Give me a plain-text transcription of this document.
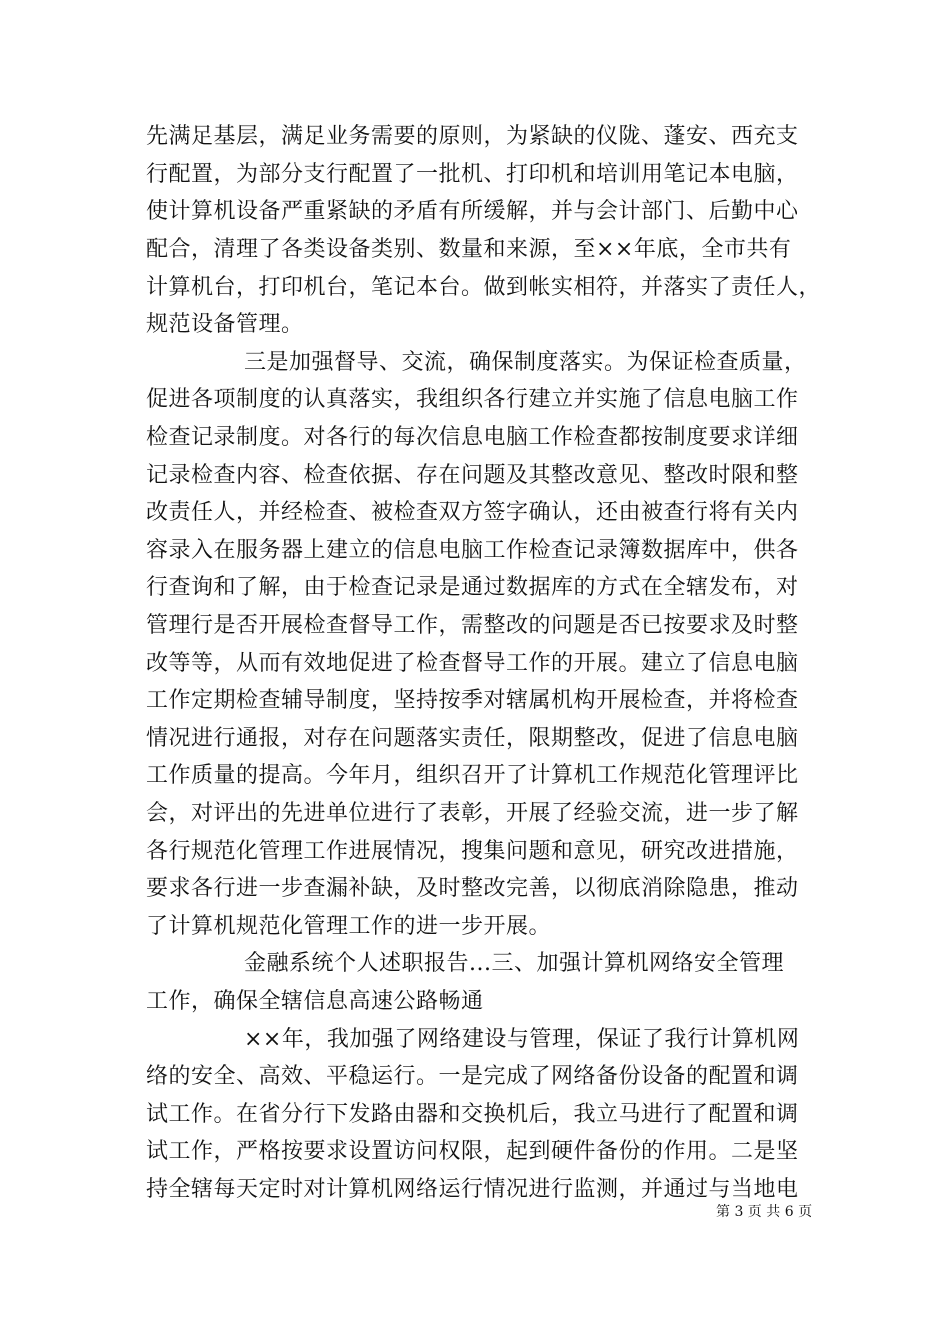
先满足基层，满足业务需要的原则，为紧缺的仪陇、蓬安、西充支
行配置，为部分支行配置了一批机、打印机和培训用笔记本电脑，
使计算机设备严重紧缺的矛盾有所缓解，并与会计部门、后勤中心
配合，清理了各类设备类别、数量和来源，至××年底，全市共有
计算机台，打印机台，笔记本台。做到帐实相符，并落实了责任人，
规范设备管理。
三是加强督导、交流，确保制度落实。为保证检查质量，
促进各项制度的认真落实，我组织各行建立并实施了信息电脑工作
检查记录制度。对各行的每次信息电脑工作检查都按制度要求详细
记录检查内容、检查依据、存在问题及其整改意见、整改时限和整
改责任人，并经检查、被检查双方签字确认，还由被查行将有关内
容录入在服务器上建立的信息电脑工作检查记录簿数据库中，供各
行查询和了解，由于检查记录是通过数据库的方式在全辖发布，对
管理行是否开展检查督导工作，需整改的问题是否已按要求及时整
改等等，从而有效地促进了检查督导工作的开展。建立了信息电脑
工作定期检查辅导制度，坚持按季对辖属机构开展检查，并将检查
情况进行通报，对存在问题落实责任，限期整改，促进了信息电脑
工作质量的提高。今年月，组织召开了计算机工作规范化管理评比
会，对评出的先进单位进行了表彰，开展了经验交流，进一步了解
各行规范化管理工作进展情况，搜集问题和意见，研究改进措施，
要求各行进一步查漏补缺，及时整改完善，以彻底消除隐患，推动
了计算机规范化管理工作的进一步开展。
金融系统个人述职报告...三、加强计算机网络安全管理
工作，确保全辖信息高速公路畅通
××年，我加强了网络建设与管理，保证了我行计算机网
络的安全、高效、平稳运行。一是完成了网络备份设备的配置和调
试工作。在省分行下发路由器和交换机后，我立马进行了配置和调
试工作，严格按要求设置访问权限，起到硬件备份的作用。二是坚
持全辖每天定时对计算机网络运行情况进行监测，并通过与当地电
第 3 页 共 6 页
